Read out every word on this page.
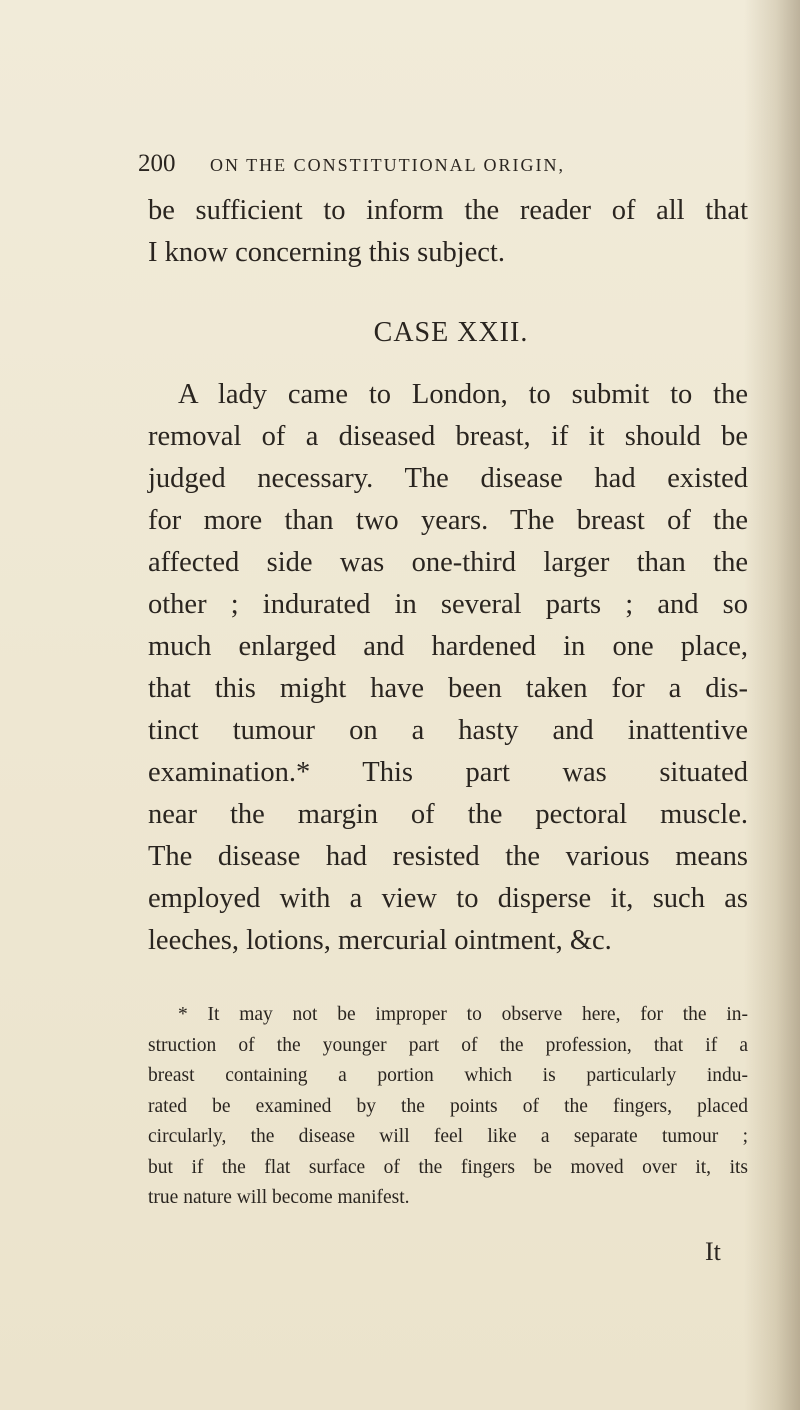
200	ON THE CONSTITUTIONAL ORIGIN,
be sufficient to inform the reader of all that
I know concerning this subject.
CASE XXII.
A lady came to London, to submit to the
removal of a diseased breast, if it should be
judged necessary. The disease had existed
for more than two years. The breast of the
affected side was one-third larger than the
other ; indurated in several parts ; and so
much enlarged and hardened in one place,
that this might have been taken for a dis-
tinct tumour on a hasty and inattentive
examination.* This part was situated
near the margin of the pectoral muscle.
The disease had resisted the various means
employed with a view to disperse it, such as
leeches, lotions, mercurial ointment, &c.
* It may not be improper to observe here, for the in-
struction of the younger part of the profession, that if a
breast containing a portion which is particularly indu-
rated be examined by the points of the fingers, placed
circularly, the disease will feel like a separate tumour ;
but if the flat surface of the fingers be moved over it, its
true nature will become manifest.
It
